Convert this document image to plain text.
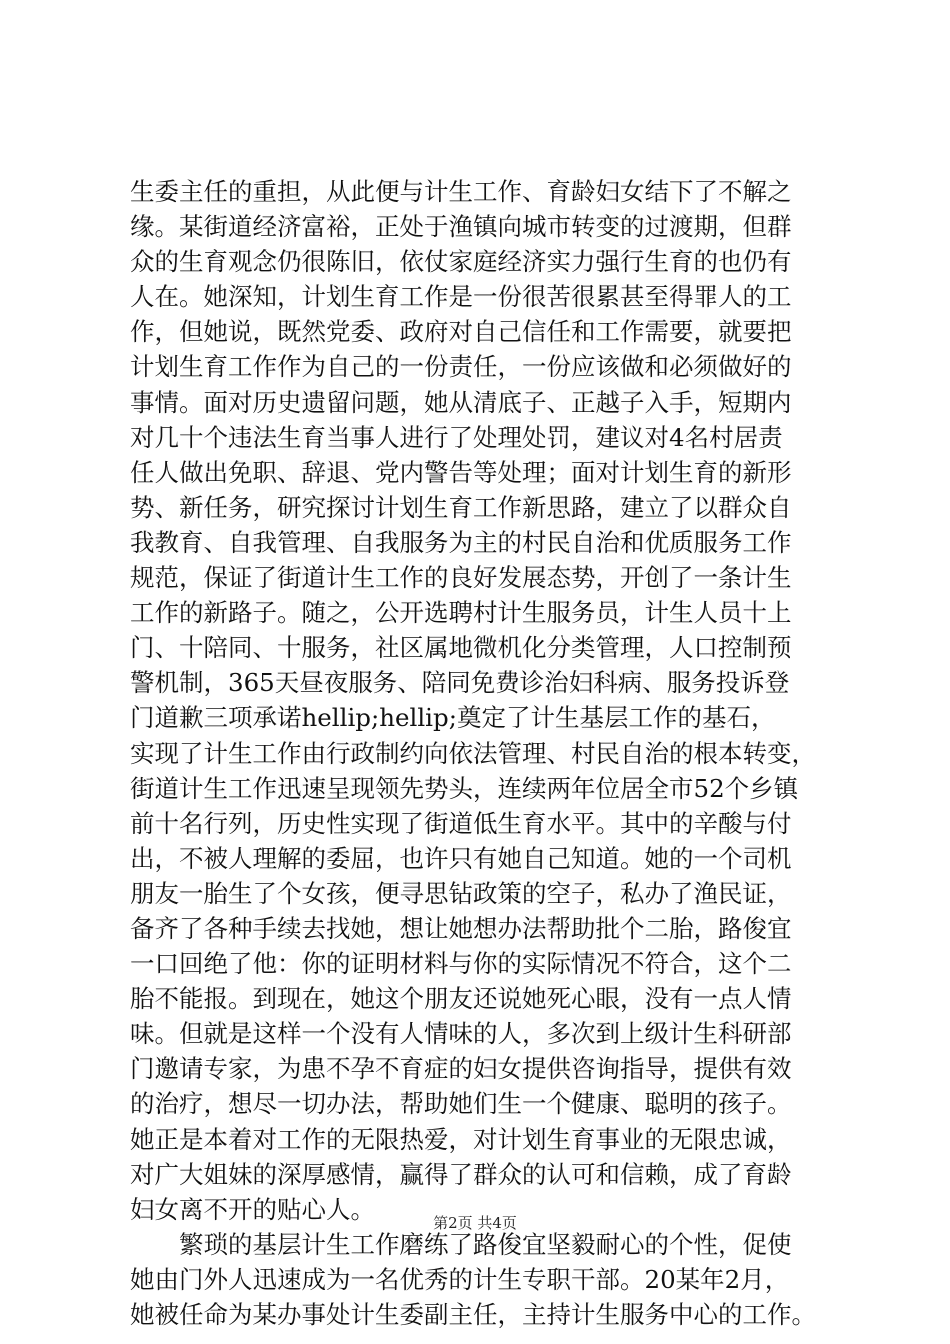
生委主任的重担，从此便与计生工作、育龄妇女结下了不解之
缘。某街道经济富裕，正处于渔镇向城市转变的过渡期，但群
众的生育观念仍很陈旧，依仗家庭经济实力强行生育的也仍有
人在。她深知，计划生育工作是一份很苦很累甚至得罪人的工
作，但她说，既然党委、政府对自己信任和工作需要，就要把
计划生育工作作为自己的一份责任，一份应该做和必须做好的
事情。面对历史遗留问题，她从清底子、正越子入手，短期内
对几十个违法生育当事人进行了处理处罚，建议对4名村居责
任人做出免职、辞退、党内警告等处理；面对计划生育的新形
势、新任务，研究探讨计划生育工作新思路，建立了以群众自
我教育、自我管理、自我服务为主的村民自治和优质服务工作
规范，保证了街道计生工作的良好发展态势，开创了一条计生
工作的新路子。随之，公开选聘村计生服务员，计生人员十上
门、十陪同、十服务，社区属地微机化分类管理，人口控制预
警机制，365天昼夜服务、陪同免费诊治妇科病、服务投诉登
门道歉三项承诺hellip;hellip;奠定了计生基层工作的基石，
实现了计生工作由行政制约向依法管理、村民自治的根本转变，
街道计生工作迅速呈现领先势头，连续两年位居全市52个乡镇
前十名行列，历史性实现了街道低生育水平。其中的辛酸与付
出，不被人理解的委屈，也许只有她自己知道。她的一个司机
朋友一胎生了个女孩，便寻思钻政策的空子，私办了渔民证，
备齐了各种手续去找她，想让她想办法帮助批个二胎，路俊宜
一口回绝了他：你的证明材料与你的实际情况不符合，这个二
胎不能报。到现在，她这个朋友还说她死心眼，没有一点人情
味。但就是这样一个没有人情味的人，多次到上级计生科研部
门邀请专家，为患不孕不育症的妇女提供咨询指导，提供有效
的治疗，想尽一切办法，帮助她们生一个健康、聪明的孩子。
她正是本着对工作的无限热爱，对计划生育事业的无限忠诚，
对广大姐妹的深厚感情，赢得了群众的认可和信赖，成了育龄
妇女离不开的贴心人。
繁琐的基层计生工作磨练了路俊宜坚毅耐心的个性，促使
她由门外人迅速成为一名优秀的计生专职干部。20某年2月，
她被任命为某办事处计生委副主任，主持计生服务中心的工作。
第2页 共4页
